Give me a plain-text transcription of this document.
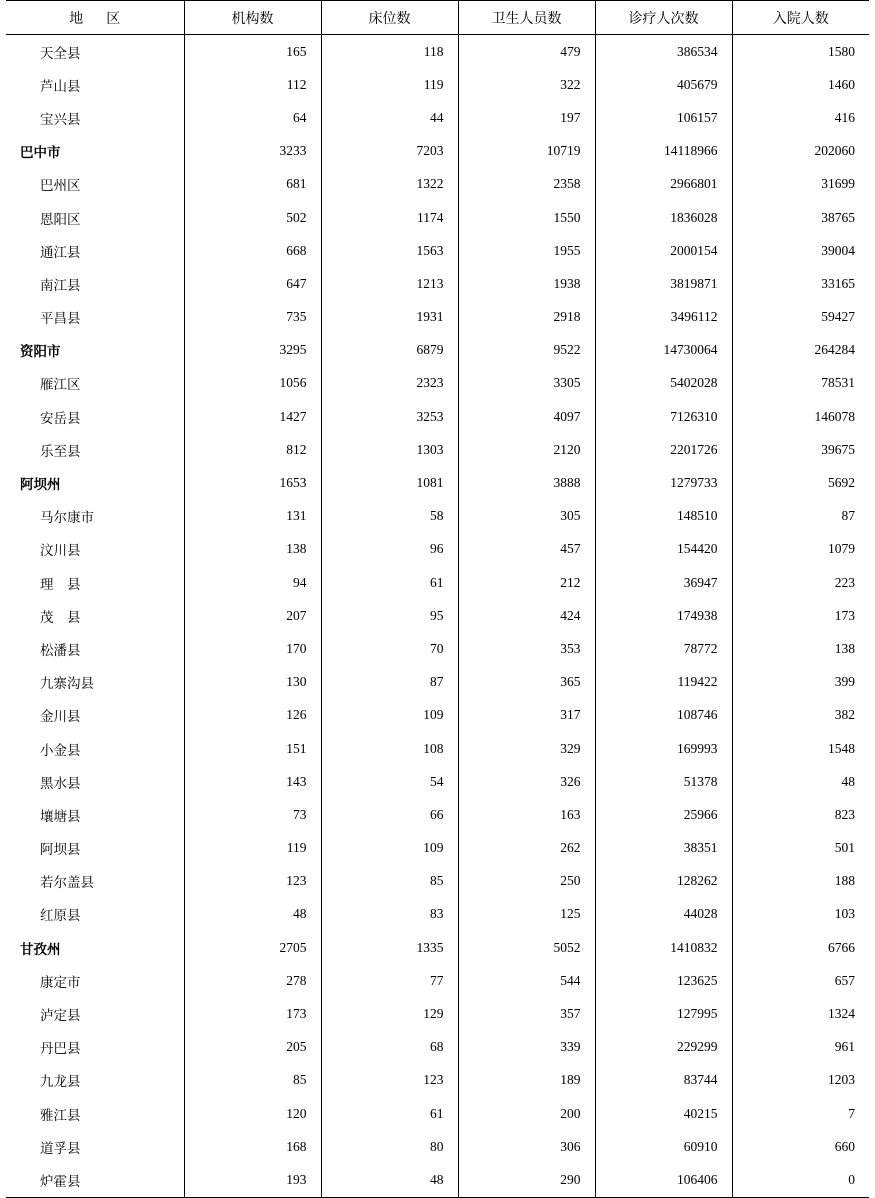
地　区	机构数	床位数	卫生人员数	诊疗人次数	入院人数
天全县	165	118	479	386534	1580
芦山县	112	119	322	405679	1460
宝兴县	64	44	197	106157	416
巴中市	3233	7203	10719	14118966	202060
巴州区	681	1322	2358	2966801	31699
恩阳区	502	1174	1550	1836028	38765
通江县	668	1563	1955	2000154	39004
南江县	647	1213	1938	3819871	33165
平昌县	735	1931	2918	3496112	59427
资阳市	3295	6879	9522	14730064	264284
雁江区	1056	2323	3305	5402028	78531
安岳县	1427	3253	4097	7126310	146078
乐至县	812	1303	2120	2201726	39675
阿坝州	1653	1081	3888	1279733	5692
马尔康市	131	58	305	148510	87
汶川县	138	96	457	154420	1079
理　县	94	61	212	36947	223
茂　县	207	95	424	174938	173
松潘县	170	70	353	78772	138
九寨沟县	130	87	365	119422	399
金川县	126	109	317	108746	382
小金县	151	108	329	169993	1548
黑水县	143	54	326	51378	48
壤塘县	73	66	163	25966	823
阿坝县	119	109	262	38351	501
若尔盖县	123	85	250	128262	188
红原县	48	83	125	44028	103
甘孜州	2705	1335	5052	1410832	6766
康定市	278	77	544	123625	657
泸定县	173	129	357	127995	1324
丹巴县	205	68	339	229299	961
九龙县	85	123	189	83744	1203
雅江县	120	61	200	40215	7
道孚县	168	80	306	60910	660
炉霍县	193	48	290	106406	0
